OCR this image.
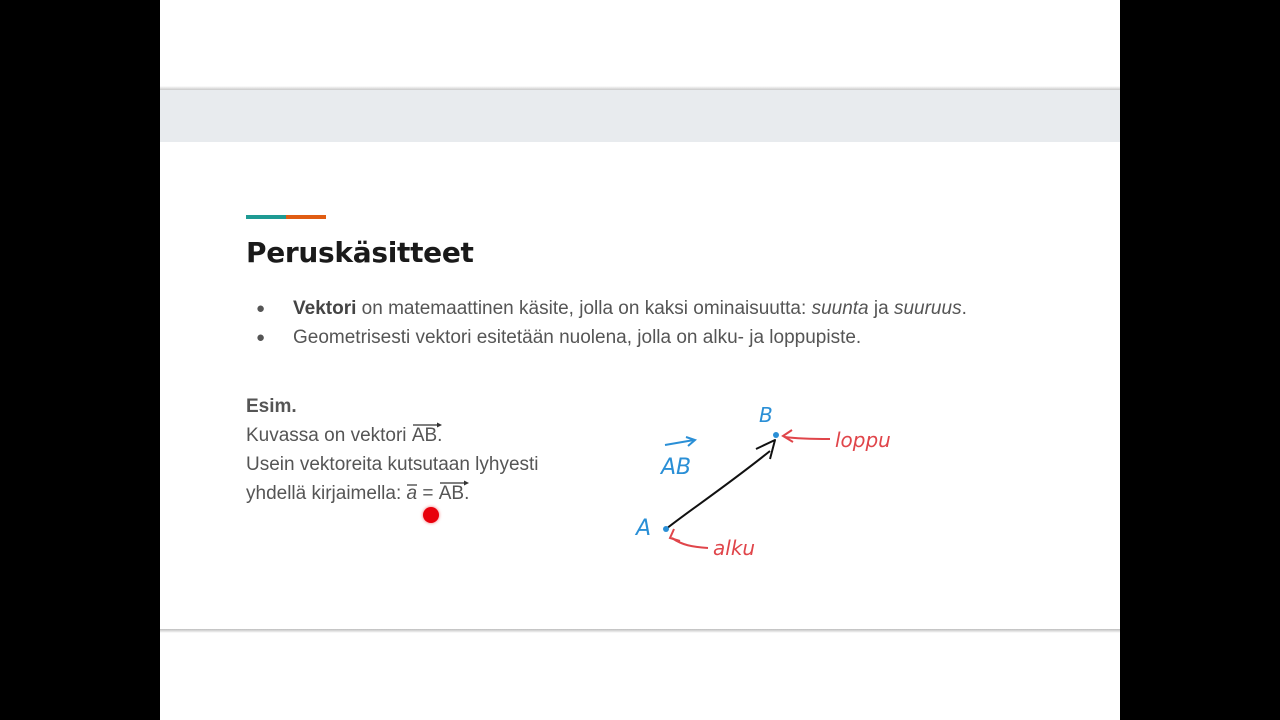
Peruskäsitteet
● Vektori on matemaattinen käsite, jolla on kaksi ominaisuutta: suunta ja suuruus.
● Geometrisesti vektori esitetään nuolena, jolla on alku- ja loppupiste.
Esim.
Kuvassa on vektori AB
.
Usein vektoreita kutsutaan lyhyesti
yhdellä kirjaimella: a
= AB
.
A
B
AB
loppu
alku
